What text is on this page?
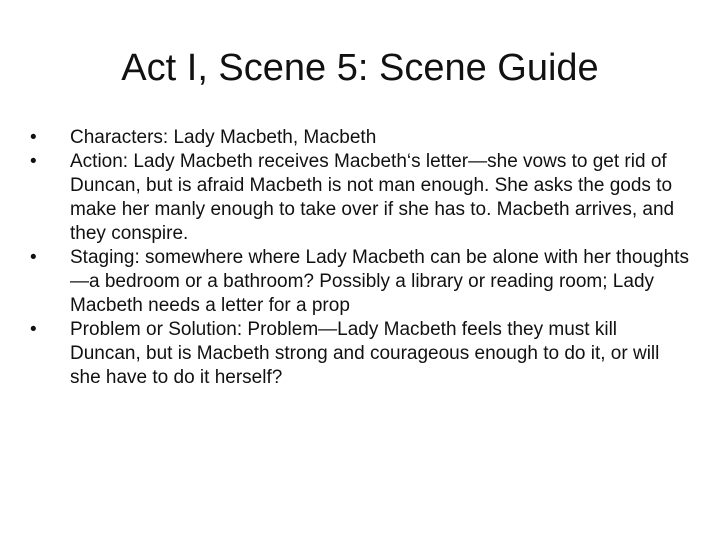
Act I, Scene 5: Scene Guide
•	Characters: Lady Macbeth, Macbeth
•	Action: Lady Macbeth receives Macbeth‘s letter—she vows to get rid of Duncan, but is afraid Macbeth is not man enough. She asks the gods to make her manly enough to take over if she has to. Macbeth arrives, and they conspire.
•	Staging: somewhere where Lady Macbeth can be alone with her thoughts—a bedroom or a bathroom? Possibly a library or reading room; Lady Macbeth needs a letter for a prop
•	Problem or Solution: Problem—Lady Macbeth feels they must kill Duncan, but is Macbeth strong and courageous enough to do it, or will she have to do it herself?
